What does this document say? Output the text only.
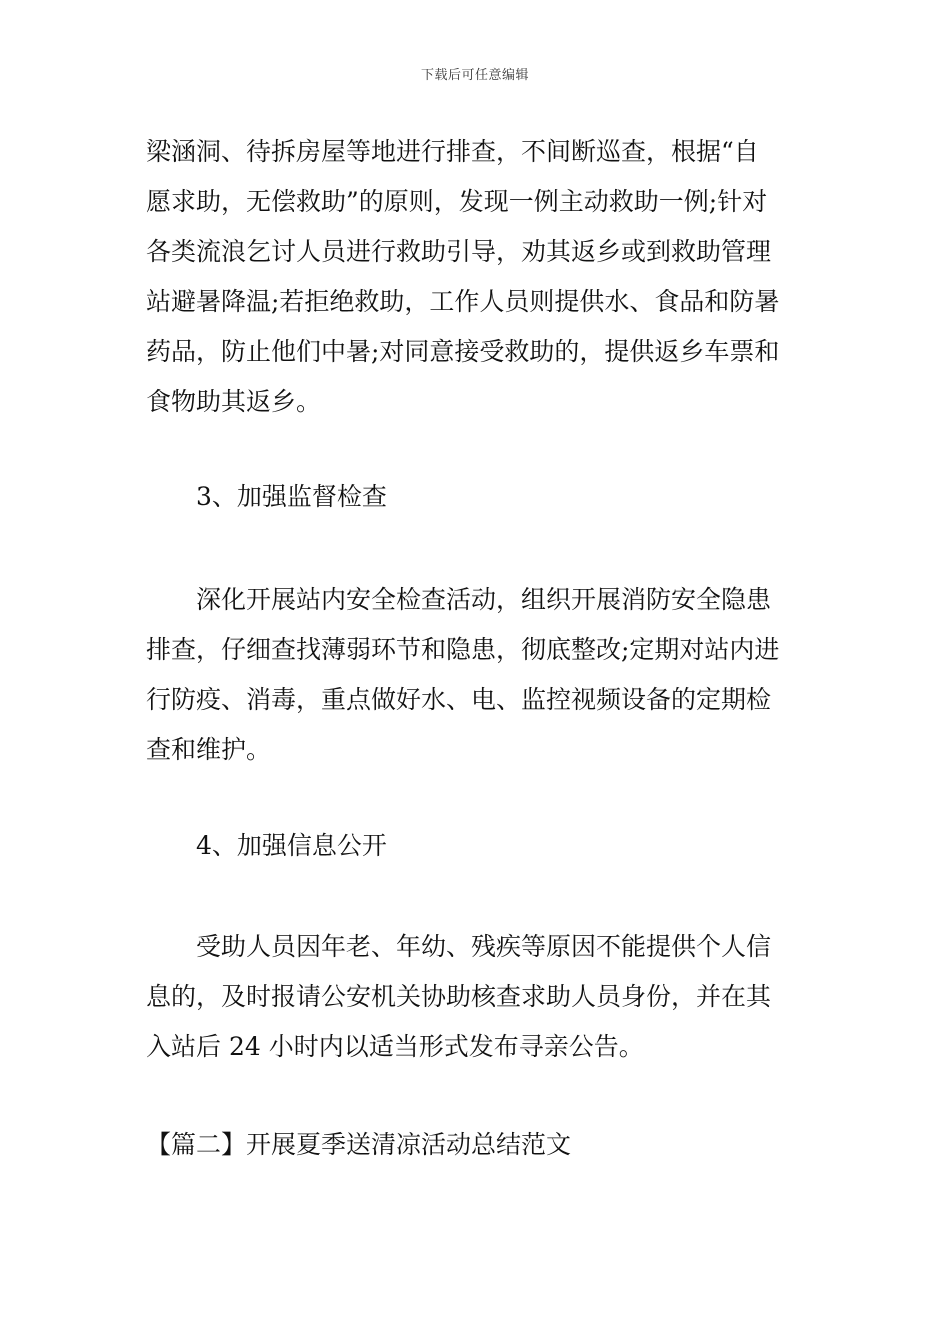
下载后可任意编辑
梁涵洞、待拆房屋等地进行排查，不间断巡查，根据“自
愿求助，无偿救助”的原则，发现一例主动救助一例;针对
各类流浪乞讨人员进行救助引导，劝其返乡或到救助管理
站避暑降温;若拒绝救助，工作人员则提供水、食品和防暑
药品，防止他们中暑;对同意接受救助的，提供返乡车票和
食物助其返乡。
3、加强监督检查
深化开展站内安全检查活动，组织开展消防安全隐患
排查，仔细查找薄弱环节和隐患，彻底整改;定期对站内进
行防疫、消毒，重点做好水、电、监控视频设备的定期检
查和维护。
4、加强信息公开
受助人员因年老、年幼、残疾等原因不能提供个人信
息的，及时报请公安机关协助核查求助人员身份，并在其
入站后 24 小时内以适当形式发布寻亲公告。
【篇二】开展夏季送清凉活动总结范文
